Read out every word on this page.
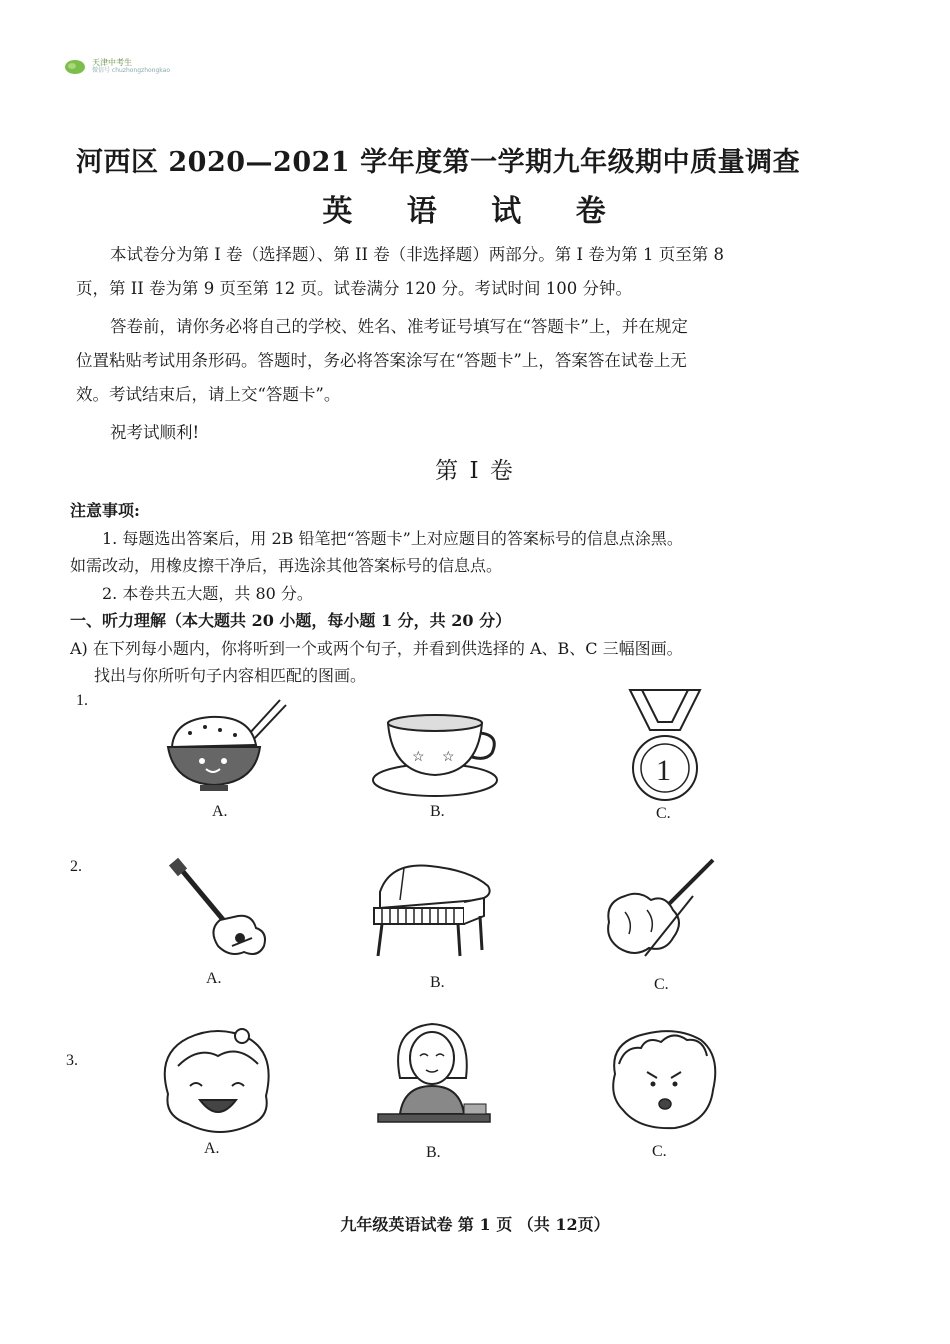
天津中考生
微信号 chuzhongzhongkao
河西区 2020—2021 学年度第一学期九年级期中质量调查
英 语 试 卷
本试卷分为第 I 卷（选择题）、第 II 卷（非选择题）两部分。第 I 卷为第 1 页至第 8
页，第 II 卷为第 9 页至第 12 页。试卷满分 120 分。考试时间 100 分钟。
答卷前，请你务必将自己的学校、姓名、准考证号填写在“答题卡”上，并在规定
位置粘贴考试用条形码。答题时，务必将答案涂写在“答题卡”上，答案答在试卷上无
效。考试结束后，请上交“答题卡”。
祝考试顺利!
第 I 卷
注意事项:
1. 每题选出答案后，用 2B 铅笔把“答题卡”上对应题目的答案标号的信息点涂黑。
如需改动，用橡皮擦干净后，再选涂其他答案标号的信息点。
2. 本卷共五大题，共 80 分。
一、听力理解（本大题共 20 小题，每小题 1 分，共 20 分）
A) 在下列每小题内，你将听到一个或两个句子，并看到供选择的 A、B、C 三幅图画。
找出与你所听句子内容相匹配的图画。
1.
A.
☆ ☆
B.
1
C.
2.
A.	B.	C.
3.
A.	B.	C.
九年级英语试卷 第 1 页 （共 12页）
